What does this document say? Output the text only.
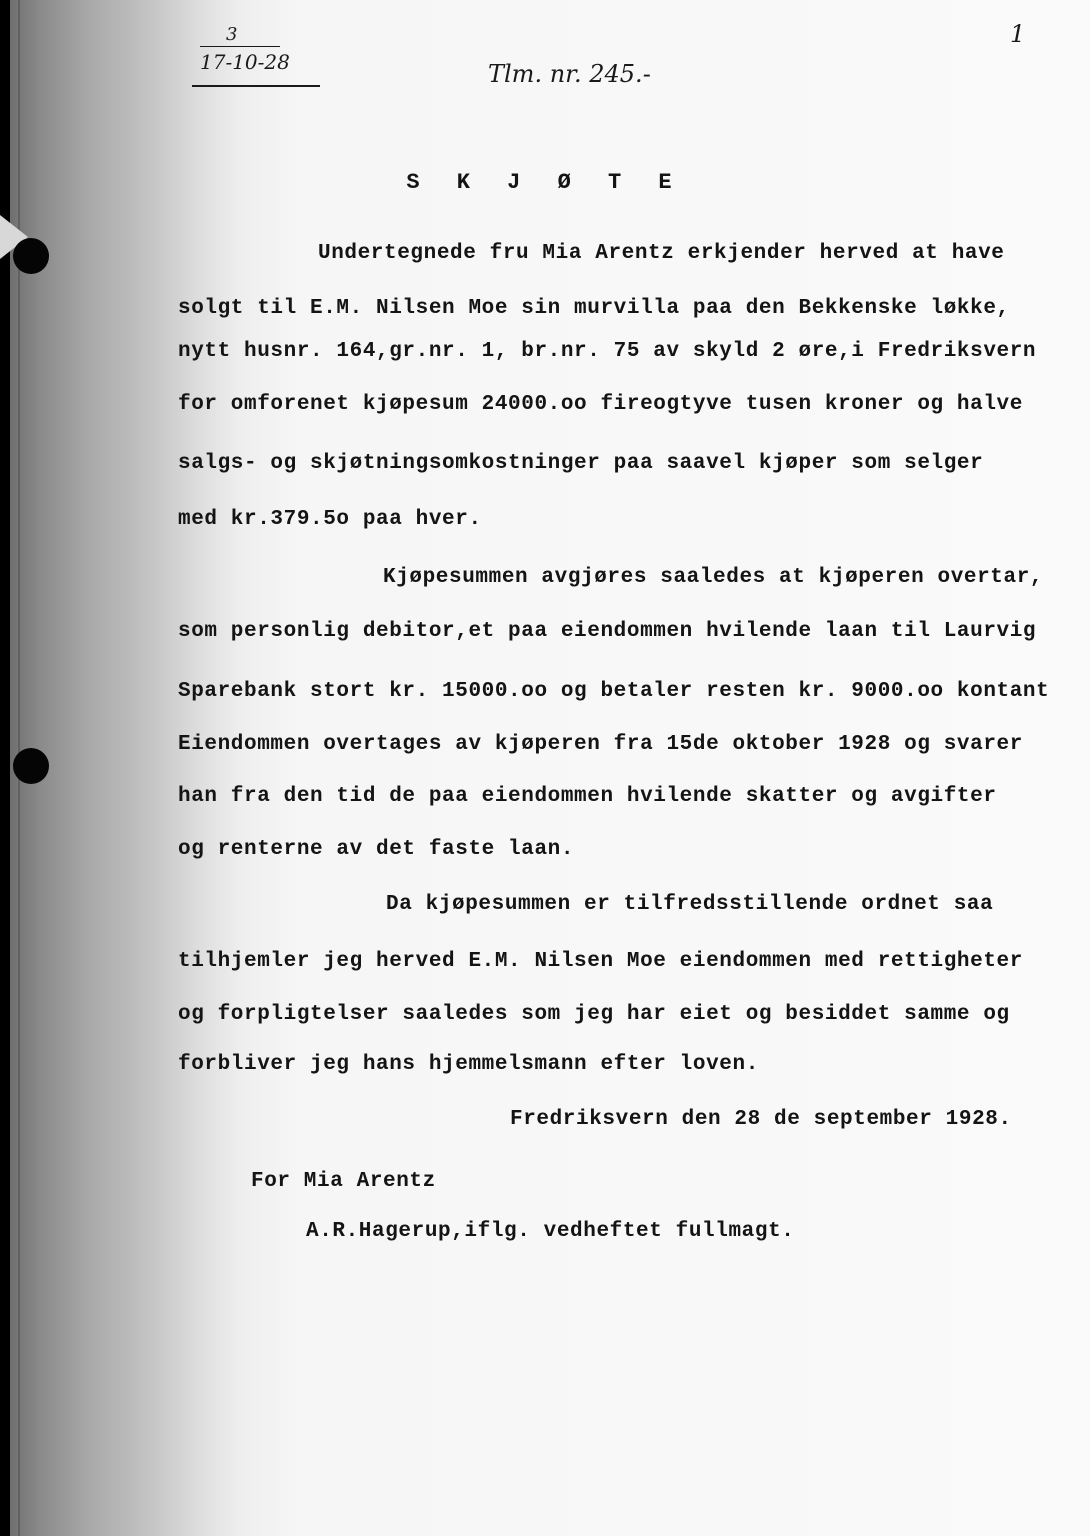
3
17-10-28	Tlm. nr. 245.-
1
S K J Ø T E
Undertegnede fru Mia Arentz erkjender herved at have
solgt til E.M. Nilsen Moe sin murvilla paa den Bekkenske løkke,
nytt husnr. 164,gr.nr. 1, br.nr. 75 av skyld 2 øre,i Fredriksvern
for omforenet kjøpesum 24000.oo fireogtyve tusen kroner og halve
salgs- og skjøtningsomkostninger paa saavel kjøper som selger
med kr.379.5o paa hver.
Kjøpesummen avgjøres saaledes at kjøperen overtar,
som personlig debitor,et paa eiendommen hvilende laan til Laurvig
Sparebank stort kr. 15000.oo og betaler resten kr. 9000.oo kontant
Eiendommen overtages av kjøperen fra 15de oktober 1928 og svarer
han fra den tid de paa eiendommen hvilende skatter og avgifter
og renterne av det faste laan.
Da kjøpesummen er tilfredsstillende ordnet saa
tilhjemler jeg herved E.M. Nilsen Moe eiendommen med rettigheter
og forpligtelser saaledes som jeg har eiet og besiddet samme og
forbliver jeg hans hjemmelsmann efter loven.
Fredriksvern den 28 de september 1928.
For Mia Arentz
A.R.Hagerup,iflg. vedheftet fullmagt.
